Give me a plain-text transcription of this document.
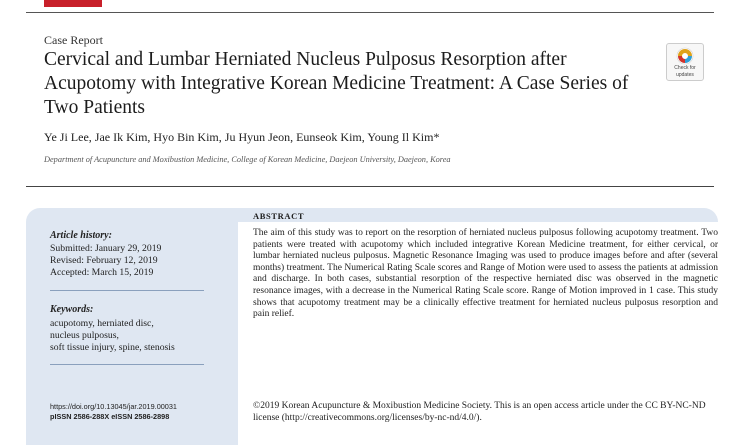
Case Report
Cervical and Lumbar Herniated Nucleus Pulposus Resorption after Acupotomy with Integrative Korean Medicine Treatment: A Case Series of Two Patients
Ye Ji Lee, Jae Ik Kim, Hyo Bin Kim, Ju Hyun Jeon, Eunseok Kim, Young Il Kim*
Department of Acupuncture and Moxibustion Medicine, College of Korean Medicine, Daejeon University, Daejeon, Korea
Check for
updates
ABSTRACT
Article history:
Submitted: January 29, 2019
Revised: February 12, 2019
Accepted: March 15, 2019
Keywords:
acupotomy, herniated disc,
nucleus pulposus,
soft tissue injury, spine, stenosis
https://doi.org/10.13045/jar.2019.00031
pISSN 2586-288X eISSN 2586-2898

The aim of this study was to report on the resorption of herniated nucleus pulposus following acupotomy treatment. Two patients were treated with acupotomy which included integrative Korean Medicine treatment, for either cervical, or lumbar herniated nucleus pulposus. Magnetic Resonance Imaging was used to produce images before and after (several months) treatment. The Numerical Rating Scale scores and Range of Motion were used to assess the patients at admission and discharge. In both cases, substantial resorption of the respective herniated disc was observed in the magnetic resonance images, with a decrease in the Numerical Rating Scale score. Range of Motion improved in 1 case. This study shows that acupotomy treatment may be a clinically effective treatment for herniated nucleus pulposus resorption and pain relief.

©2019 Korean Acupuncture & Moxibustion Medicine Society. This is an open access article under the CC BY-NC-ND license (http://creativecommons.org/licenses/by-nc-nd/4.0/).
